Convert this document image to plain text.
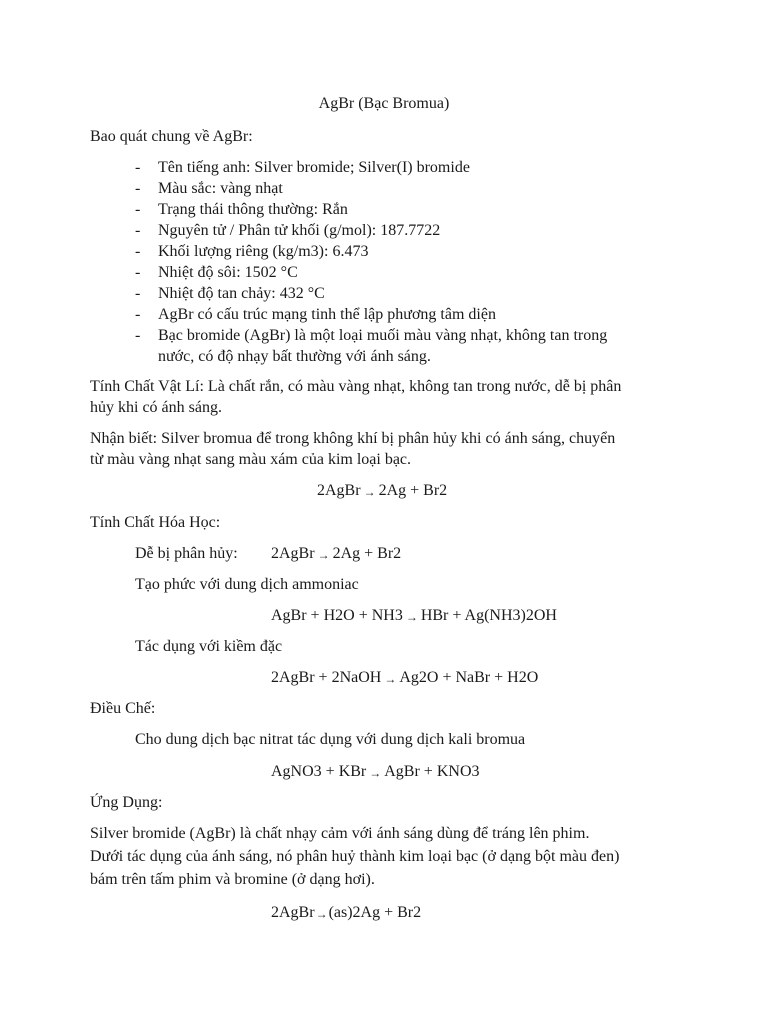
AgBr (Bạc Bromua)
Bao quát chung về AgBr:
- Tên tiếng anh: Silver bromide; Silver(I) bromide
- Màu sắc: vàng nhạt
- Trạng thái thông thường: Rắn
- Nguyên tử / Phân tử khối (g/mol): 187.7722
- Khối lượng riêng (kg/m3): 6.473
- Nhiệt độ sôi: 1502 °C
- Nhiệt độ tan chảy: 432 °C
- AgBr có cấu trúc mạng tinh thể lập phương tâm diện
- Bạc bromide (AgBr) là một loại muối màu vàng nhạt, không tan trong
nước, có độ nhạy bất thường với ánh sáng.
Tính Chất Vật Lí: Là chất rắn, có màu vàng nhạt, không tan trong nước, dễ bị phân
hủy khi có ánh sáng.
Nhận biết: Silver bromua để trong không khí bị phân hủy khi có ánh sáng, chuyển
từ màu vàng nhạt sang màu xám của kim loại bạc.
2AgBr → 2Ag + Br2
Tính Chất Hóa Học:
Dễ bị phân hủy: 2AgBr → 2Ag + Br2
Tạo phức với dung dịch ammoniac
AgBr + H2O + NH3 → HBr + Ag(NH3)2OH
Tác dụng với kiềm đặc
2AgBr + 2NaOH → Ag2O + NaBr + H2O
Điều Chế:
Cho dung dịch bạc nitrat tác dụng với dung dịch kali bromua
AgNO3 + KBr → AgBr + KNO3
Ứng Dụng:
Silver bromide (AgBr) là chất nhạy cảm với ánh sáng dùng để tráng lên phim.
Dưới tác dụng của ánh sáng, nó phân huỷ thành kim loại bạc (ở dạng bột màu đen)
bám trên tấm phim và bromine (ở dạng hơi).
2AgBr→(as)2Ag + Br2
